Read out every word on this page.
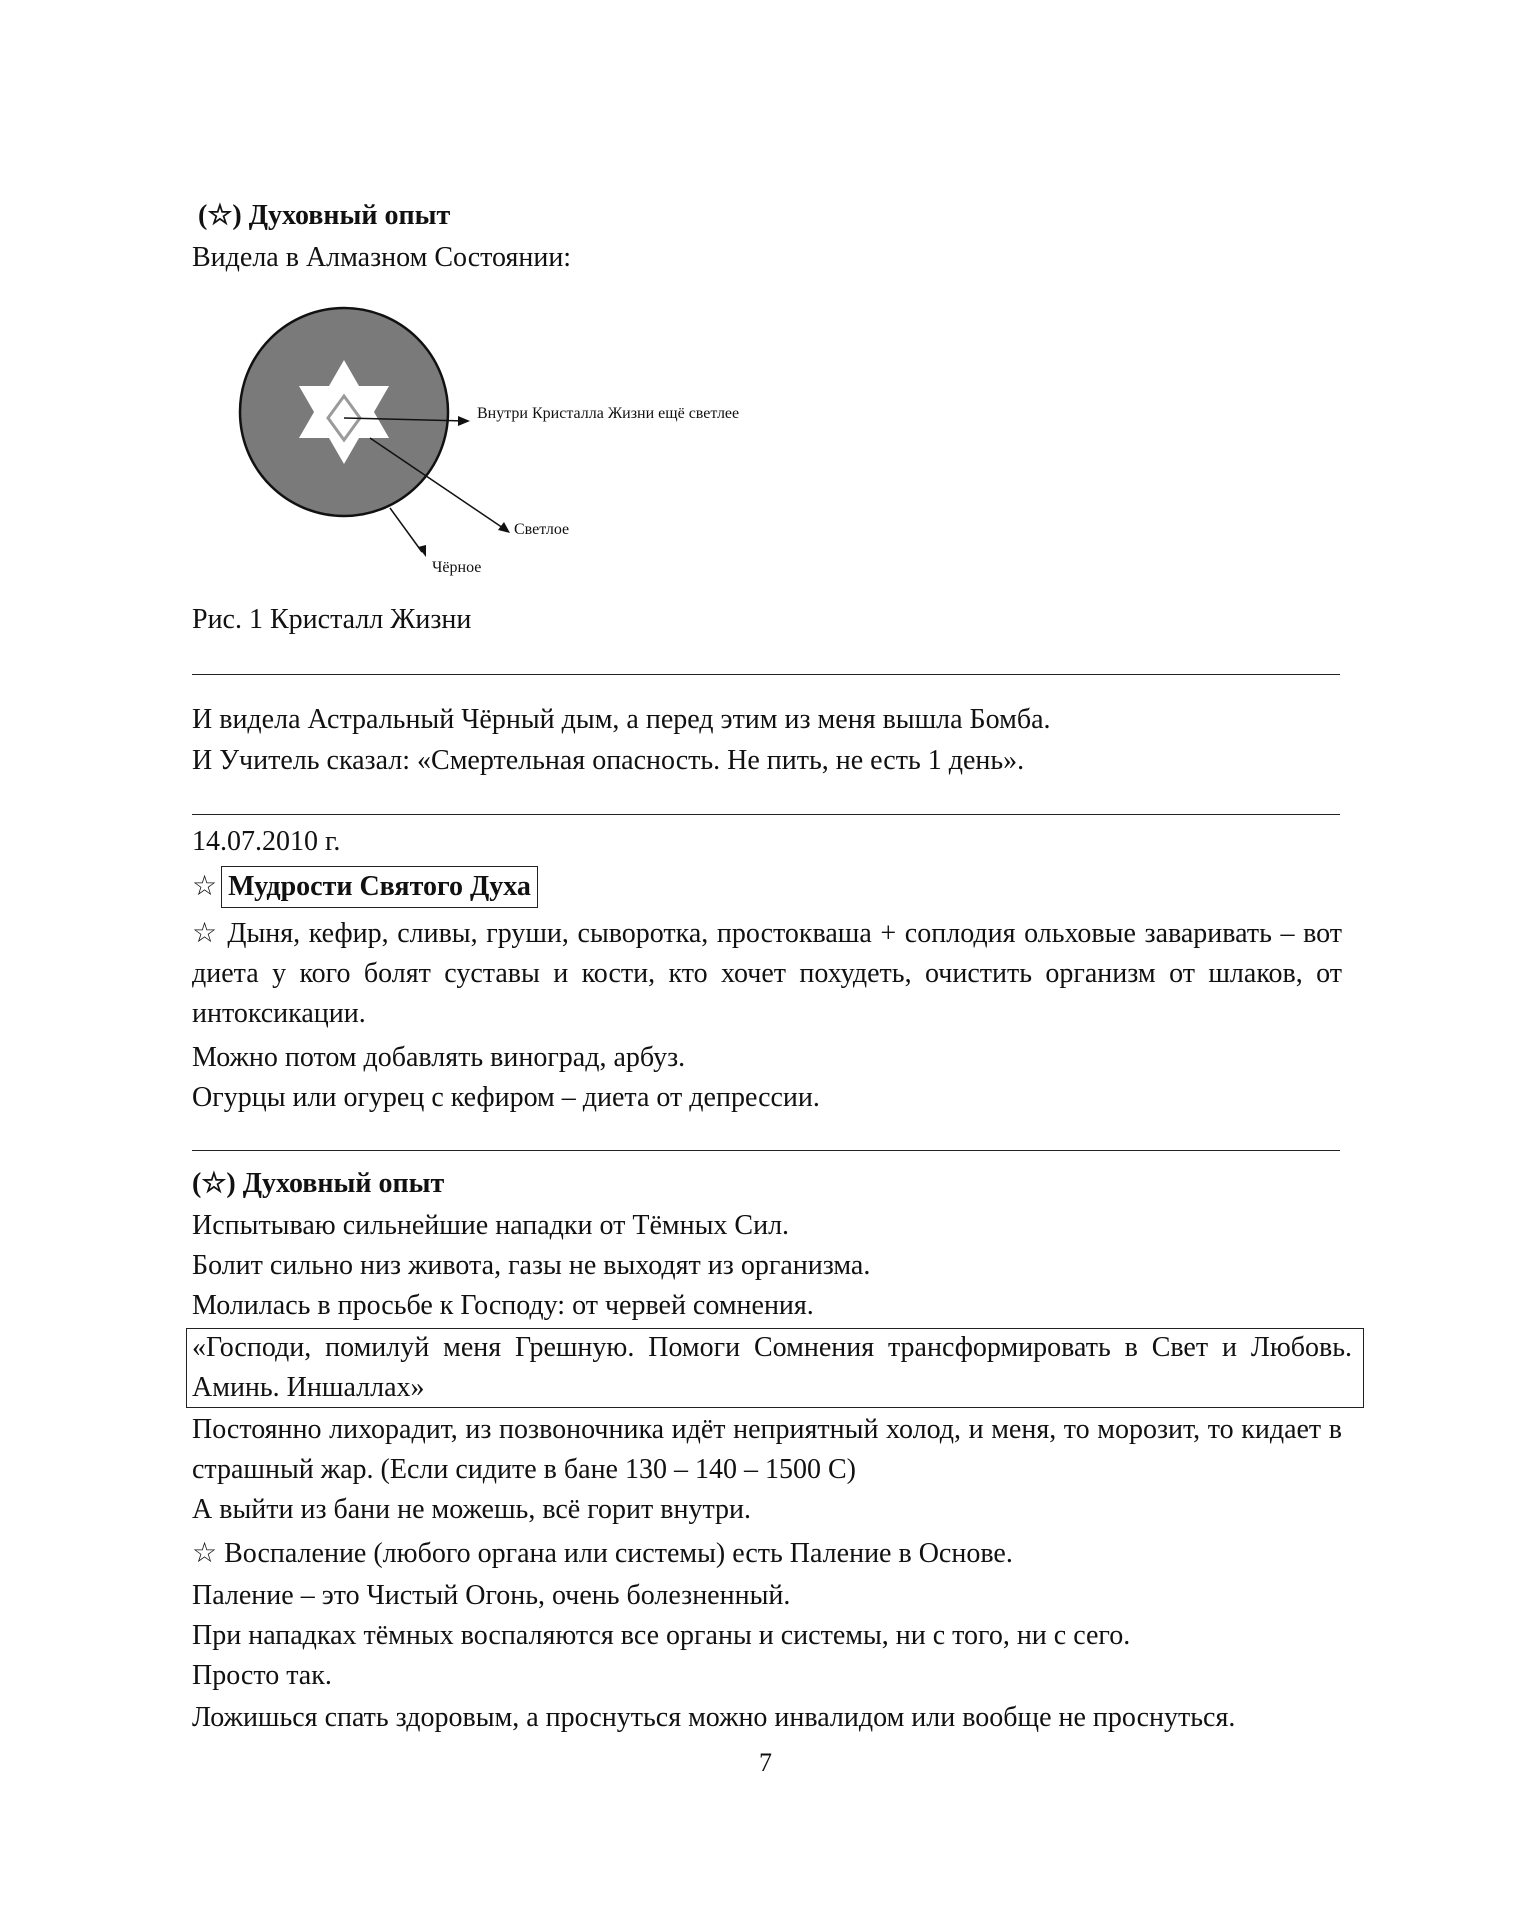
(☆) Духовный опыт
Видела в Алмазном Состоянии:
Внутри Кристалла Жизни ещё светлее
Светлое
Чёрное
Рис. 1 Кристалл Жизни
И видела Астральный Чёрный дым, а перед этим из меня вышла Бомба.
И Учитель сказал: «Смертельная опасность. Не пить, не есть 1 день».
14.07.2010 г.
☆ Мудрости Святого Духа
☆ Дыня, кефир, сливы, груши, сыворотка, простокваша + соплодия ольховые заваривать – вот диета у кого болят суставы и кости, кто хочет похудеть, очистить организм от шлаков, от интоксикации.
Можно потом добавлять виноград, арбуз.
Огурцы или огурец с кефиром – диета от депрессии.
(☆) Духовный опыт
Испытываю сильнейшие нападки от Тёмных Сил.
Болит сильно низ живота, газы не выходят из организма.
Молилась в просьбе к Господу: от червей сомнения.
«Господи, помилуй меня Грешную. Помоги Сомнения трансформировать в Свет и Любовь. Аминь. Иншаллах»
Постоянно лихорадит, из позвоночника идёт неприятный холод, и меня, то морозит, то кидает в страшный жар. (Если сидите в бане 130 – 140 – 1500 С)
А выйти из бани не можешь, всё горит внутри.
☆ Воспаление (любого органа или системы) есть Паление в Основе.
Паление – это Чистый Огонь, очень болезненный.
При нападках тёмных воспаляются все органы и системы, ни с того, ни с сего.
Просто так.
Ложишься спать здоровым, а проснуться можно инвалидом или вообще не проснуться.
7
